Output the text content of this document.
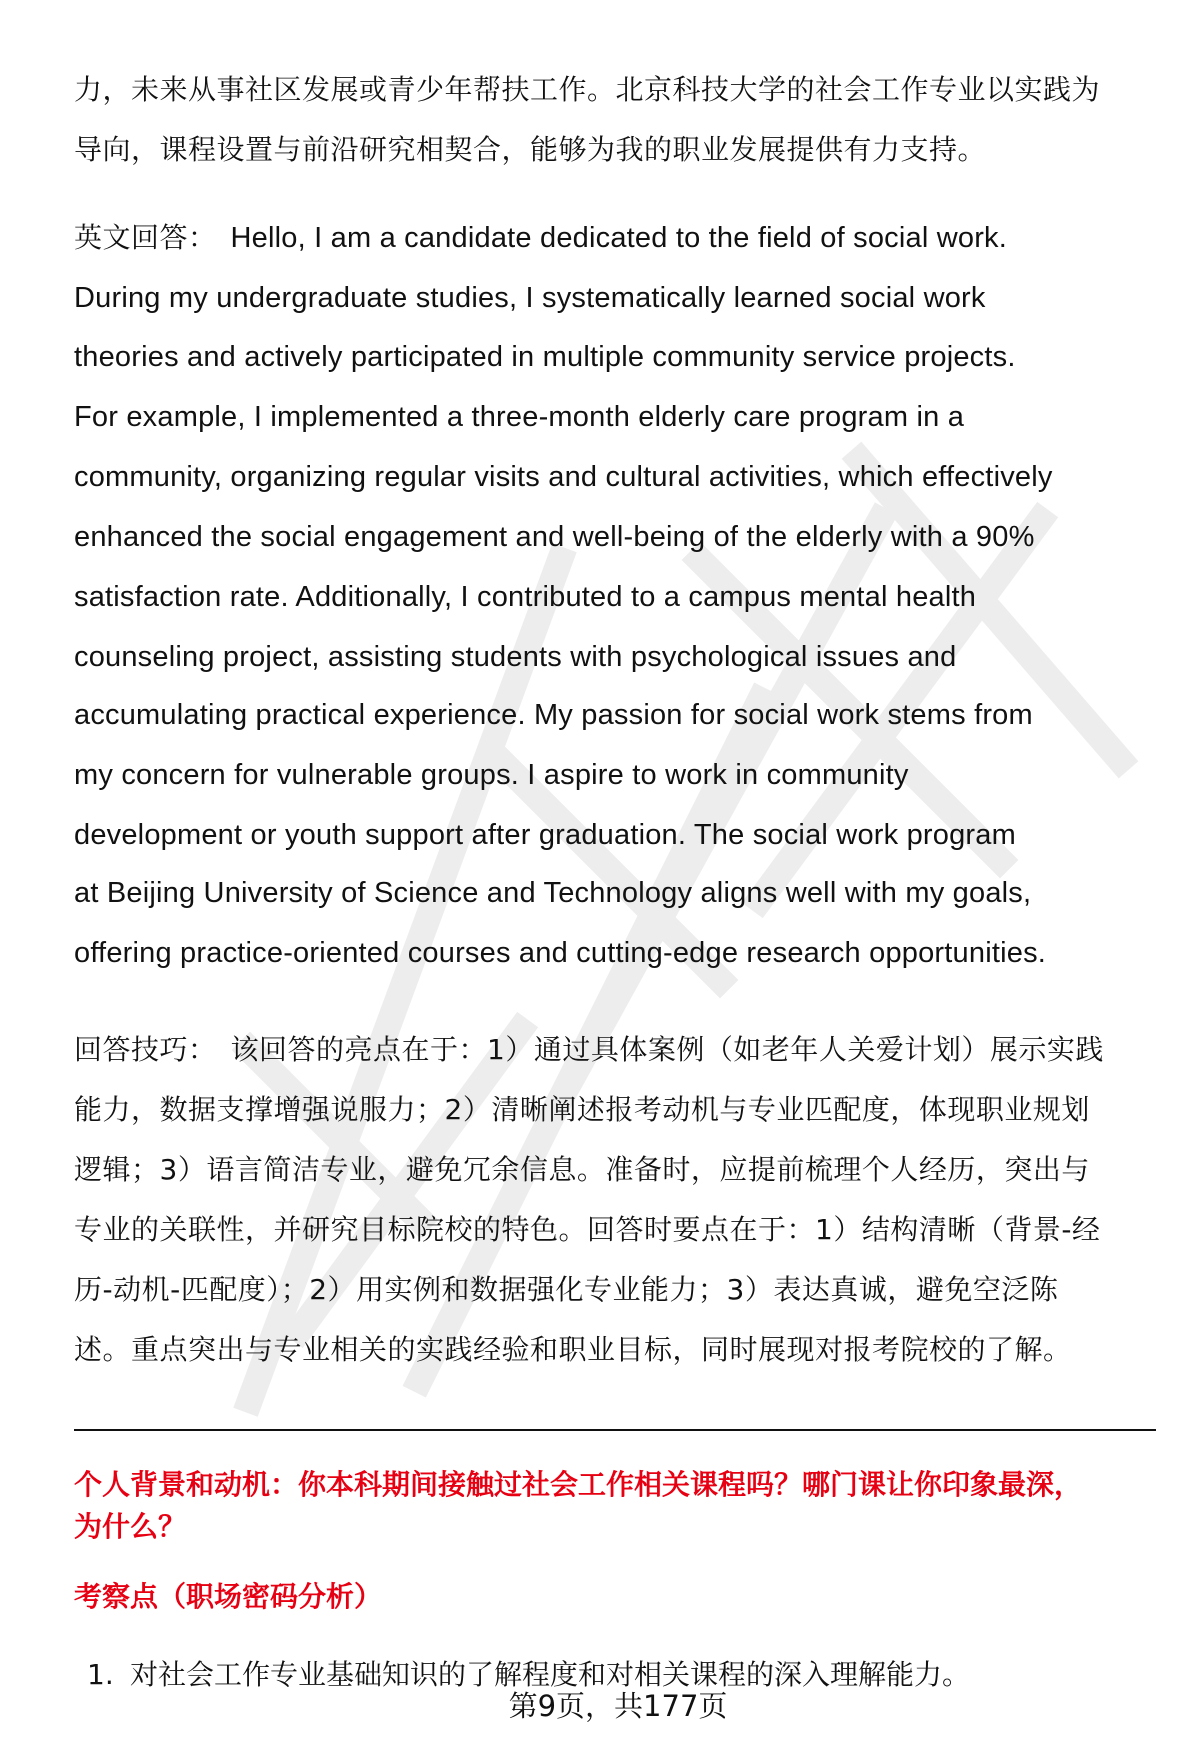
力，未来从事社区发展或青少年帮扶工作。北京科技大学的社会工作专业以实践为
导向，课程设置与前沿研究相契合，能够为我的职业发展提供有力支持。
英文回答： Hello, I am a candidate dedicated to the field of social work.
During my undergraduate studies, I systematically learned social work
theories and actively participated in multiple community service projects.
For example, I implemented a three-month elderly care program in a
community, organizing regular visits and cultural activities, which effectively
enhanced the social engagement and well-being of the elderly with a 90%
satisfaction rate. Additionally, I contributed to a campus mental health
counseling project, assisting students with psychological issues and
accumulating practical experience. My passion for social work stems from
my concern for vulnerable groups. I aspire to work in community
development or youth support after graduation. The social work program
at Beijing University of Science and Technology aligns well with my goals,
offering practice-oriented courses and cutting-edge research opportunities.
回答技巧： 该回答的亮点在于：1）通过具体案例（如老年人关爱计划）展示实践
能力，数据支撑增强说服力；2）清晰阐述报考动机与专业匹配度，体现职业规划
逻辑；3）语言简洁专业，避免冗余信息。准备时，应提前梳理个人经历，突出与
专业的关联性，并研究目标院校的特色。回答时要点在于：1）结构清晰（背景-经
历-动机-匹配度）；2）用实例和数据强化专业能力；3）表达真诚，避免空泛陈
述。重点突出与专业相关的实践经验和职业目标，同时展现对报考院校的了解。
个人背景和动机：你本科期间接触过社会工作相关课程吗？哪门课让你印象最深，
为什么？
考察点（职场密码分析）
1. 对社会工作专业基础知识的了解程度和对相关课程的深入理解能力。
第9页，共177页
